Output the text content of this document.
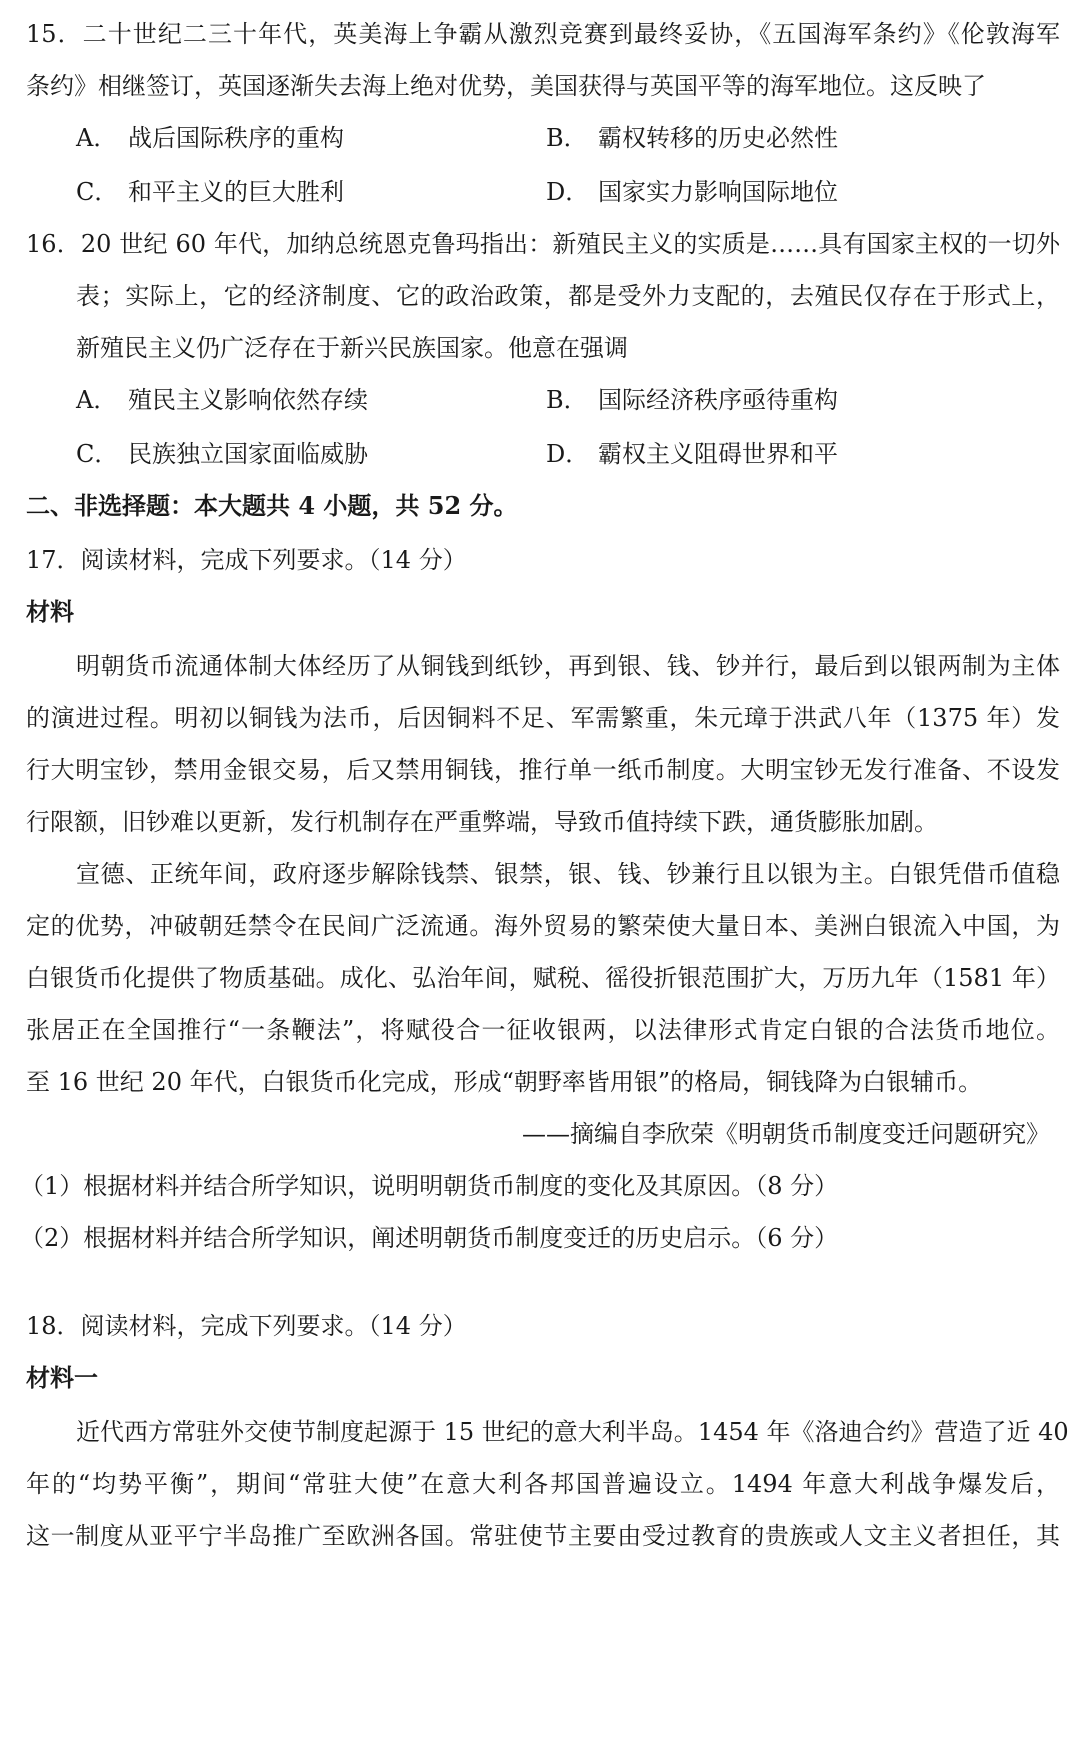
15．二十世纪二三十年代，英美海上争霸从激烈竞赛到最终妥协，《五国海军条约》《伦敦海军
条约》相继签订，英国逐渐失去海上绝对优势，美国获得与英国平等的海军地位。这反映了
A． 战后国际秩序的重构	B． 霸权转移的历史必然性
C． 和平主义的巨大胜利	D． 国家实力影响国际地位
16．20 世纪 60 年代，加纳总统恩克鲁玛指出：新殖民主义的实质是……具有国家主权的一切外
表；实际上，它的经济制度、它的政治政策，都是受外力支配的，去殖民仅存在于形式上，
新殖民主义仍广泛存在于新兴民族国家。他意在强调
A． 殖民主义影响依然存续	B． 国际经济秩序亟待重构
C． 民族独立国家面临威胁	D． 霸权主义阻碍世界和平
二、非选择题：本大题共 4 小题，共 52 分。
17．阅读材料，完成下列要求。（14 分）
材料
明朝货币流通体制大体经历了从铜钱到纸钞，再到银、钱、钞并行，最后到以银两制为主体
的演进过程。明初以铜钱为法币，后因铜料不足、军需繁重，朱元璋于洪武八年（1375 年）发
行大明宝钞，禁用金银交易，后又禁用铜钱，推行单一纸币制度。大明宝钞无发行准备、不设发
行限额，旧钞难以更新，发行机制存在严重弊端，导致币值持续下跌，通货膨胀加剧。
宣德、正统年间，政府逐步解除钱禁、银禁，银、钱、钞兼行且以银为主。白银凭借币值稳
定的优势，冲破朝廷禁令在民间广泛流通。海外贸易的繁荣使大量日本、美洲白银流入中国，为
白银货币化提供了物质基础。成化、弘治年间，赋税、徭役折银范围扩大，万历九年（1581 年）
张居正在全国推行“一条鞭法”，将赋役合一征收银两，以法律形式肯定白银的合法货币地位。
至 16 世纪 20 年代，白银货币化完成，形成“朝野率皆用银”的格局，铜钱降为白银辅币。
——摘编自李欣荣《明朝货币制度变迁问题研究》
（1）根据材料并结合所学知识，说明明朝货币制度的变化及其原因。（8 分）
（2）根据材料并结合所学知识，阐述明朝货币制度变迁的历史启示。（6 分）
18．阅读材料，完成下列要求。（14 分）
材料一
近代西方常驻外交使节制度起源于 15 世纪的意大利半岛。1454 年《洛迪合约》营造了近 40
年的“均势平衡”，期间“常驻大使”在意大利各邦国普遍设立。1494 年意大利战争爆发后，
这一制度从亚平宁半岛推广至欧洲各国。常驻使节主要由受过教育的贵族或人文主义者担任，其
